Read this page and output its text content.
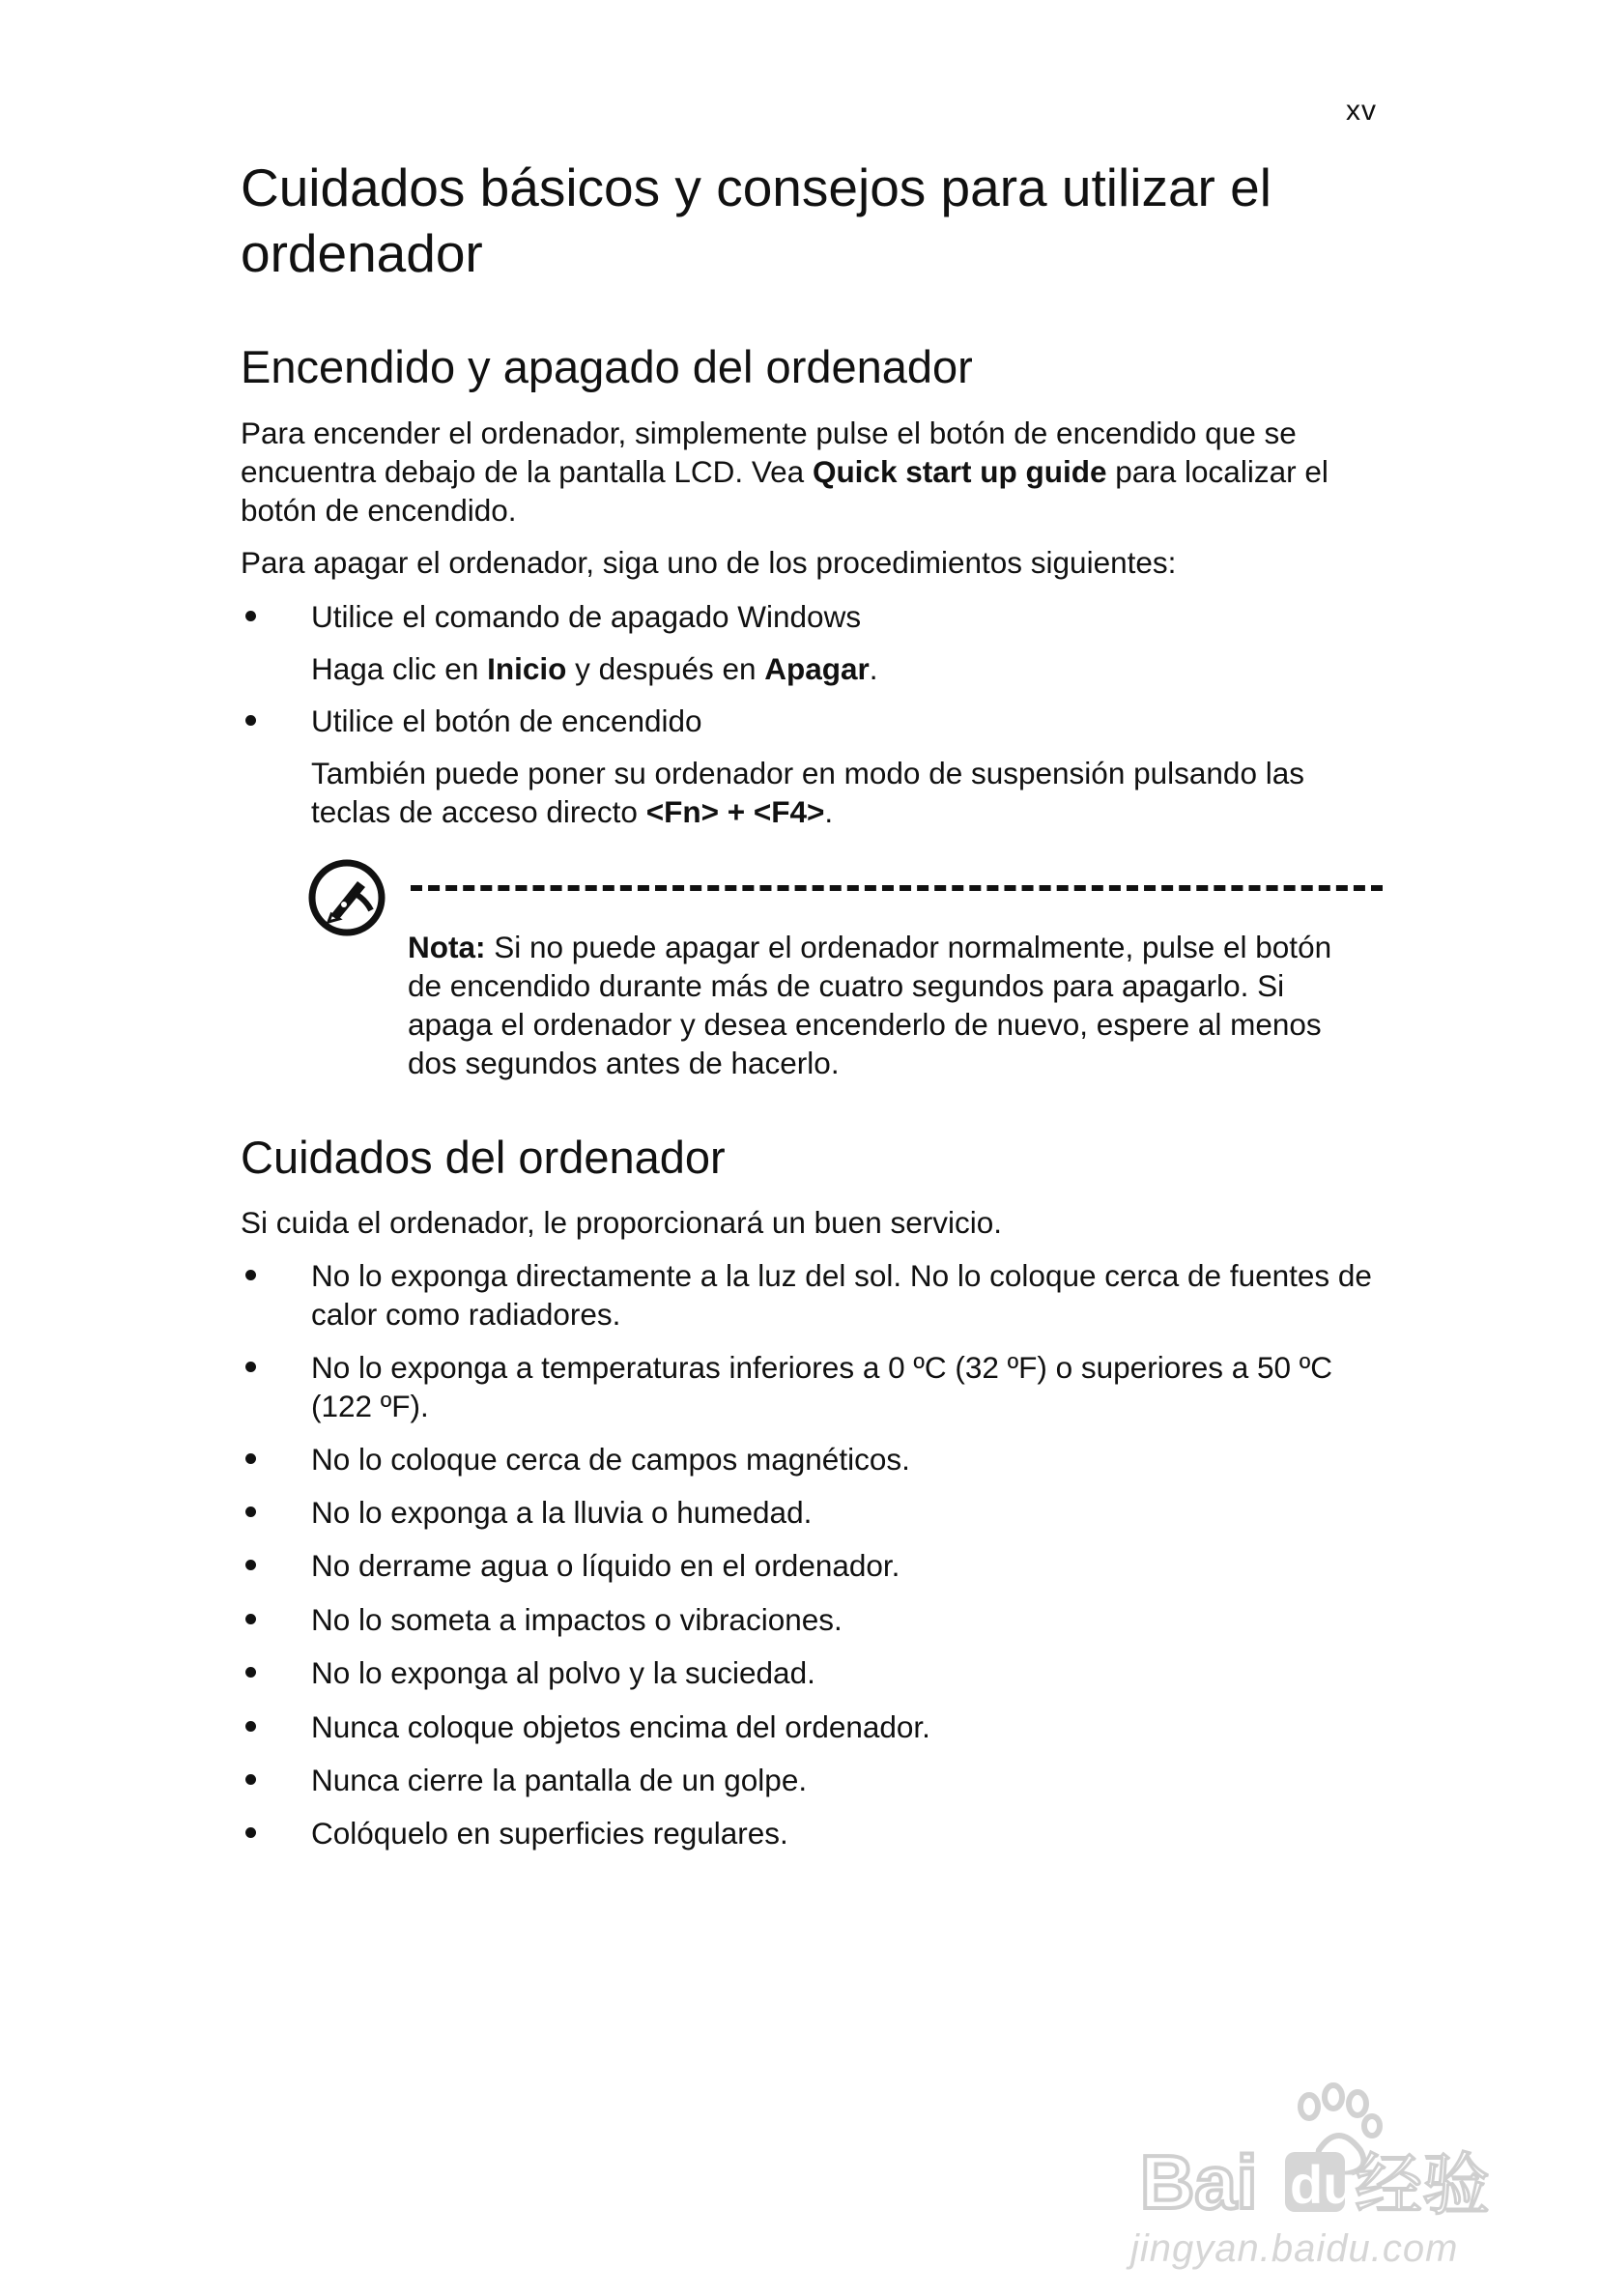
xv
Cuidados básicos y consejos para utilizar el ordenador
Encendido y apagado del ordenador

Para encender el ordenador, simplemente pulse el botón de encendido que se encuentra debajo de la pantalla LCD. Vea Quick start up guide para localizar el botón de encendido.

Para apagar el ordenador, siga uno de los procedimientos siguientes:

Utilice el comando de apagado Windows
Haga clic en Inicio y después en Apagar.
Utilice el botón de encendido
También puede poner su ordenador en modo de suspensión pulsando las teclas de acceso directo <Fn> + <F4>.

Nota: Si no puede apagar el ordenador normalmente, pulse el botón de encendido durante más de cuatro segundos para apagarlo. Si apaga el ordenador y desea encenderlo de nuevo, espere al menos dos segundos antes de hacerlo.

Cuidados del ordenador

Si cuida el ordenador, le proporcionará un buen servicio.

No lo exponga directamente a la luz del sol. No lo coloque cerca de fuentes de calor como radiadores.
No lo exponga a temperaturas inferiores a 0 ºC (32 ºF) o superiores a 50 ºC (122 ºF).
No lo coloque cerca de campos magnéticos.
No lo exponga a la lluvia o humedad.
No derrame agua o líquido en el ordenador.
No lo someta a impactos o vibraciones.
No lo exponga al polvo y la suciedad.
Nunca coloque objetos encima del ordenador.
Nunca cierre la pantalla de un golpe.
Colóquelo en superficies regulares.
Bai du
经验
jingyan.baidu.com
